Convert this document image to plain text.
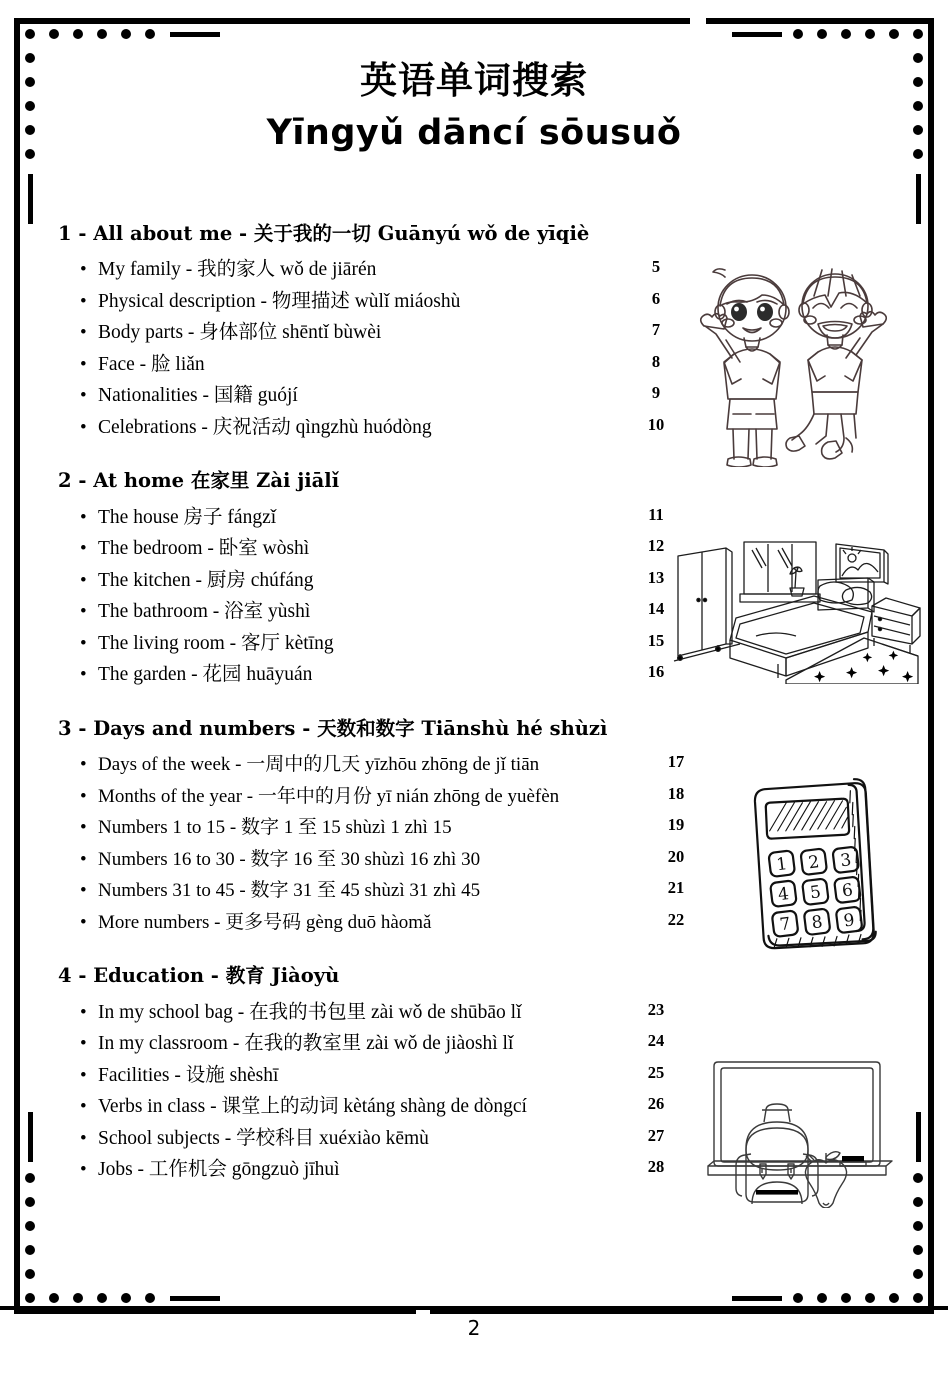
英语单词搜索
Yīngyǔ dāncí sōusuǒ
1 - All about me - 关于我的一切 Guānyú wǒ de yīqiè
• My family - 我的家人 wǒ de jiārén	5
• Physical description - 物理描述 wùlǐ miáoshù	6
• Body parts - 身体部位 shēntǐ bùwèi	7
• Face - 脸 liǎn	8
• Nationalities - 国籍 guójí	9
• Celebrations - 庆祝活动 qìngzhù huódòng	10
2 - At home 在家里 Zài jiālǐ
• The house 房子 fángzǐ	11
• The bedroom - 卧室 wòshì	12
• The kitchen - 厨房 chúfáng	13
• The bathroom - 浴室 yùshì	14
• The living room - 客厅 kètīng	15
• The garden - 花园 huāyuán	16
3 - Days and numbers - 天数和数字 Tiānshù hé shùzì
• Days of the week - 一周中的几天 yīzhōu zhōng de jǐ tiān	17
• Months of the year - 一年中的月份 yī nián zhōng de yuèfèn	18
• Numbers 1 to 15 - 数字 1 至 15 shùzì 1 zhì 15	19
• Numbers 16 to 30 - 数字 16 至 30 shùzì 16 zhì 30	20
• Numbers 31 to 45 - 数字 31 至 45 shùzì 31 zhì 45	21
• More numbers - 更多号码 gèng duō hàomǎ	22
4 - Education - 教育 Jiàoyù
• In my school bag - 在我的书包里 zài wǒ de shūbāo lǐ	23
• In my classroom - 在我的教室里 zài wǒ de jiàoshì lǐ	24
• Facilities - 设施 shèshī	25
• Verbs in class - 课堂上的动词 kètáng shàng de dòngcí	26
• School subjects - 学校科目 xuéxiào kēmù	27
• Jobs - 工作机会 gōngzuò jīhuì	28
1 2 3
4 5 6
7 8 9
2
